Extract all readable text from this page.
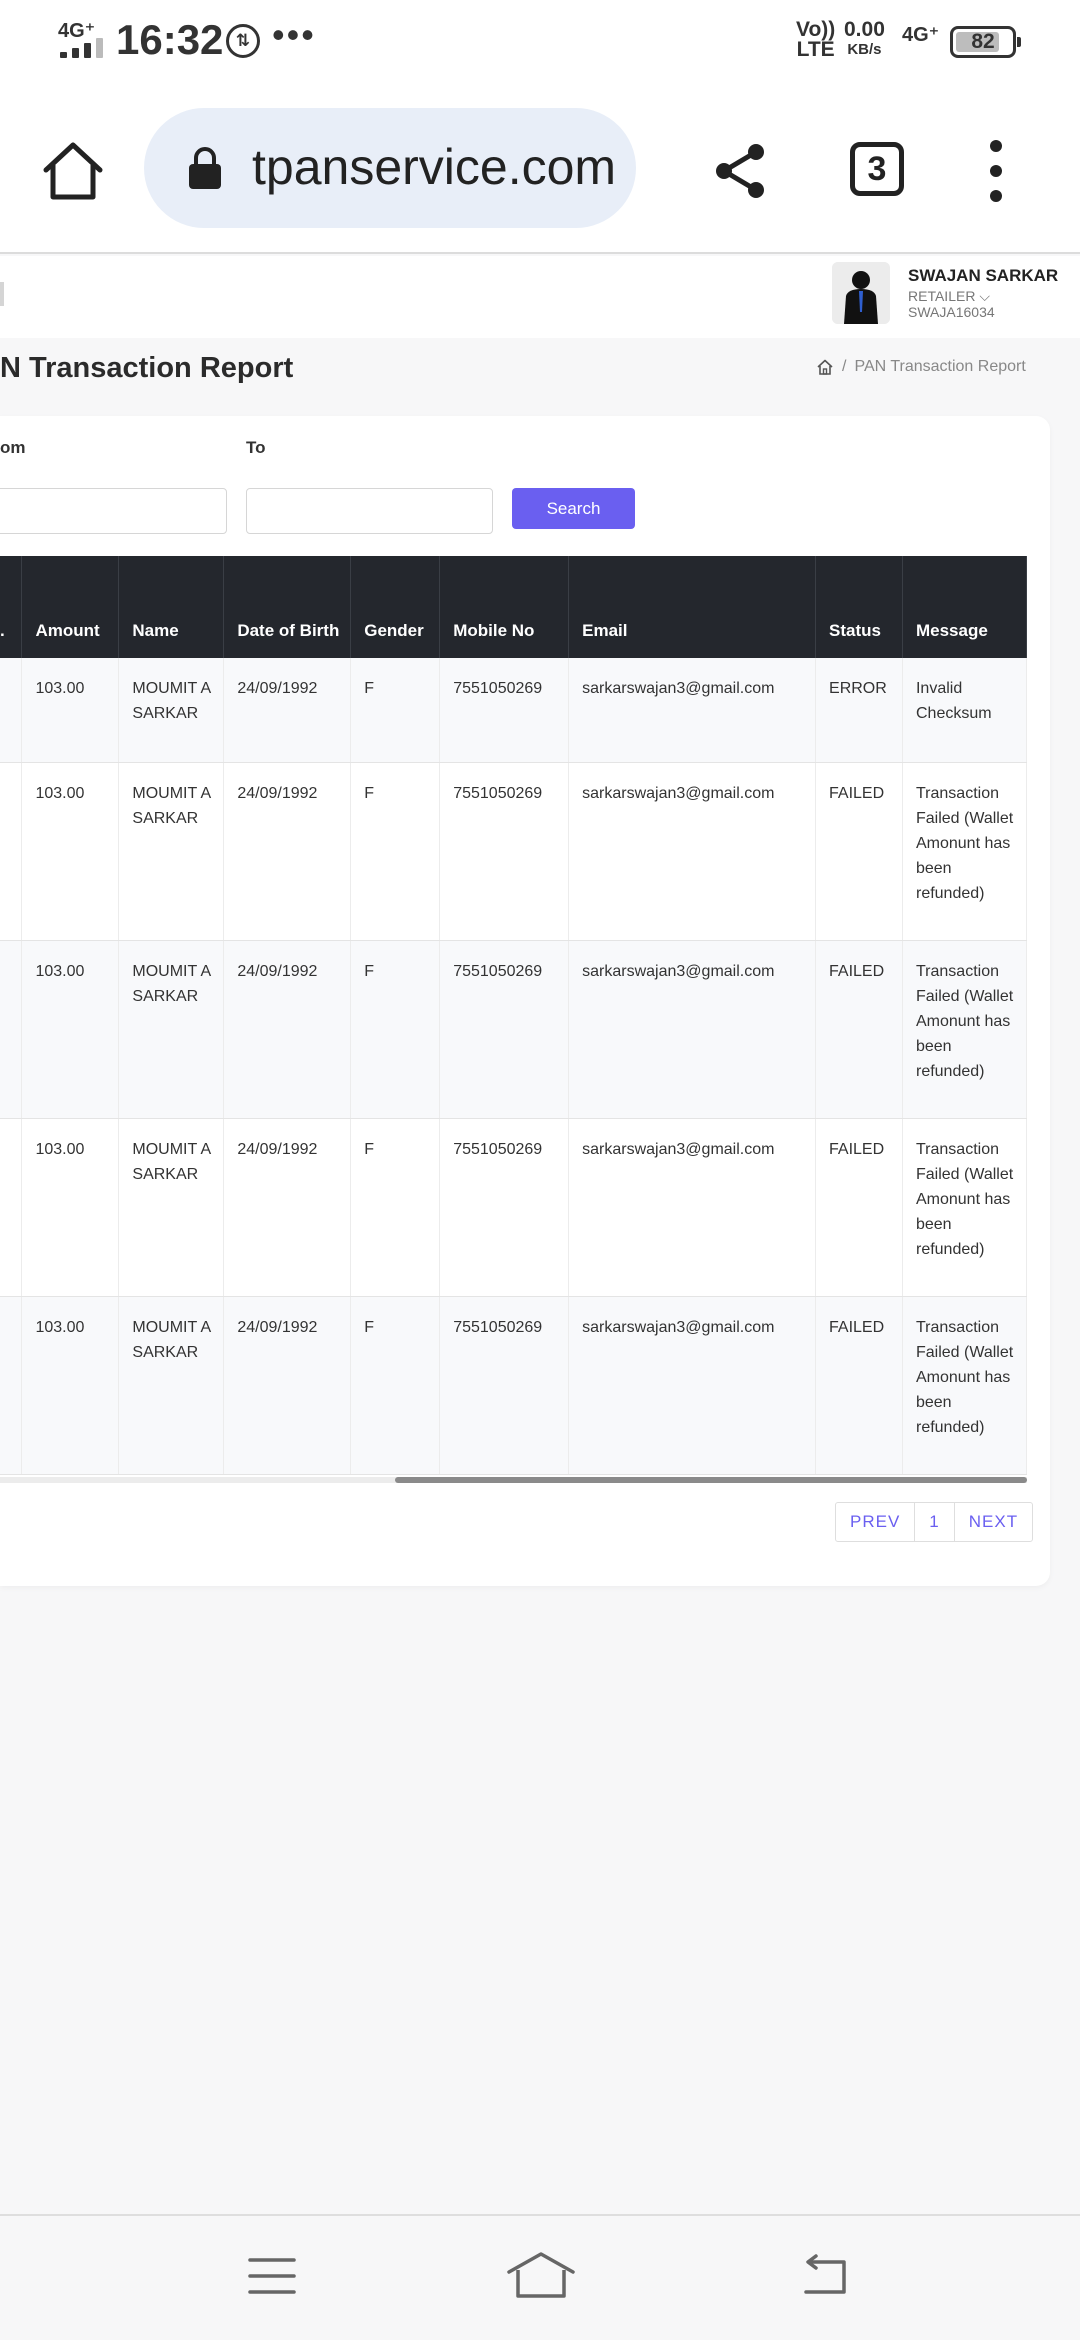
4G⁺ 16:32 ⇅ •••	Vo))
LTE
0.00
KB/s
4G⁺	82
tpanservice.com	3
SWAJAN SARKAR
RETAILER ⌵
SWAJA16034
N Transaction Report	/ PAN Transaction Report
om	To
Search
.	Amount	Name	Date of Birth	Gender	Mobile No	Email	Status	Message
	103.00	MOUMIT A SARKAR	24/09/1992	F	7551050269	sarkarswajan3@gmail.com	ERROR	Invalid Checksum
	103.00	MOUMIT A SARKAR	24/09/1992	F	7551050269	sarkarswajan3@gmail.com	FAILED	Transaction Failed (Wallet Amonunt has been refunded)
	103.00	MOUMIT A SARKAR	24/09/1992	F	7551050269	sarkarswajan3@gmail.com	FAILED	Transaction Failed (Wallet Amonunt has been refunded)
	103.00	MOUMIT A SARKAR	24/09/1992	F	7551050269	sarkarswajan3@gmail.com	FAILED	Transaction Failed (Wallet Amonunt has been refunded)
	103.00	MOUMIT A SARKAR	24/09/1992	F	7551050269	sarkarswajan3@gmail.com	FAILED	Transaction Failed (Wallet Amonunt has been refunded)
PREV	1	NEXT
